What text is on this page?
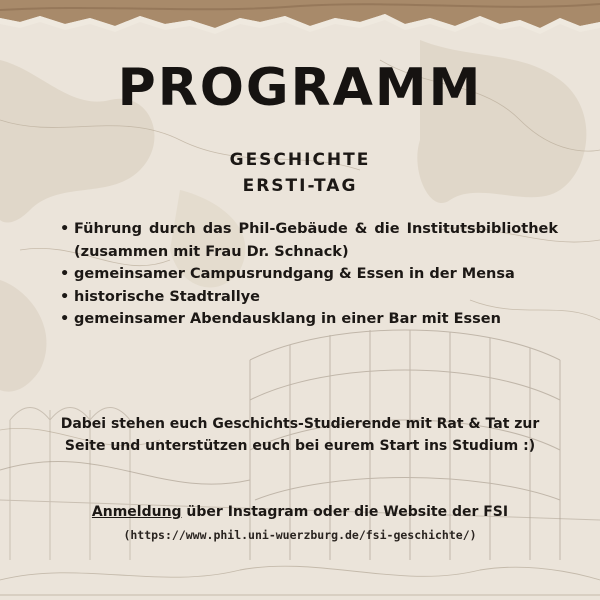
PROGRAMM
GESCHICHTE
ERSTI-TAG
• Führung durch das Phil-Gebäude & die Institutsbibliothek (zusammen mit Frau Dr. Schnack)
• gemeinsamer Campusrundgang & Essen in der Mensa
• historische Stadtrallye
• gemeinsamer Abendausklang in einer Bar mit Essen
Dabei stehen euch Geschichts-Studierende mit Rat & Tat zur Seite und unterstützen euch bei eurem Start ins Studium :)
Anmeldung über Instagram oder die Website der FSI
(https://www.phil.uni-wuerzburg.de/fsi-geschichte/)
